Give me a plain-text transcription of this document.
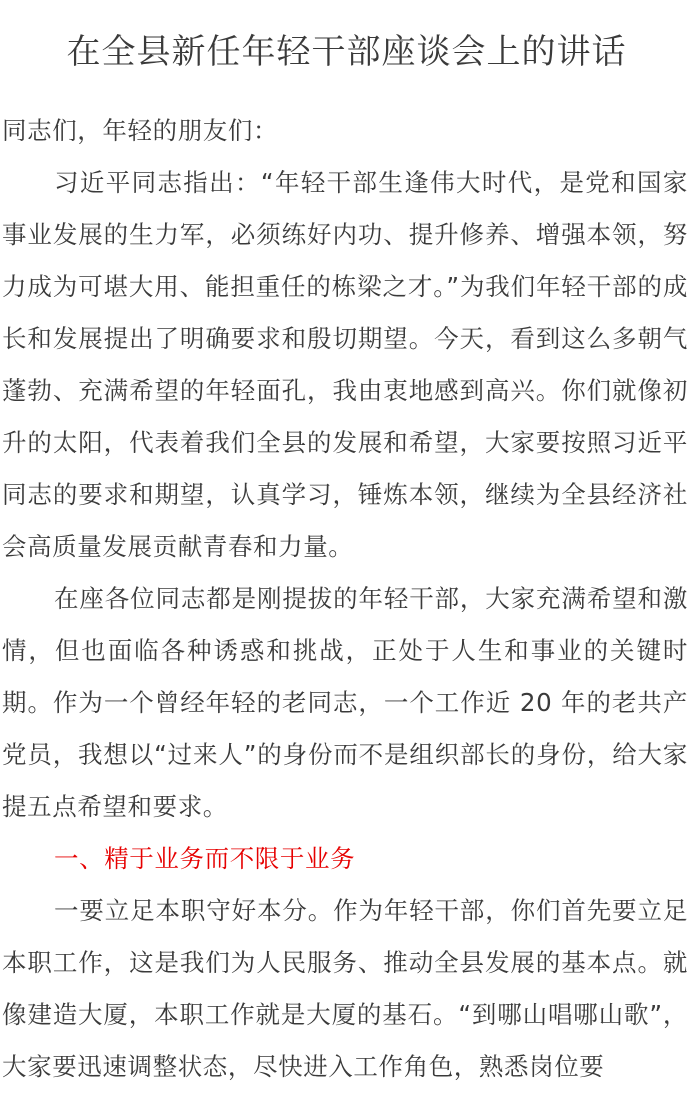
在全县新任年轻干部座谈会上的讲话

同志们，年轻的朋友们：

习近平同志指出：“年轻干部生逢伟大时代，是党和国家事业发展的生力军，必须练好内功、提升修养、增强本领，努力成为可堪大用、能担重任的栋梁之才。”为我们年轻干部的成长和发展提出了明确要求和殷切期望。今天，看到这么多朝气蓬勃、充满希望的年轻面孔，我由衷地感到高兴。你们就像初升的太阳，代表着我们全县的发展和希望，大家要按照习近平同志的要求和期望，认真学习，锤炼本领，继续为全县经济社会高质量发展贡献青春和力量。

在座各位同志都是刚提拔的年轻干部，大家充满希望和激情，但也面临各种诱惑和挑战，正处于人生和事业的关键时期。作为一个曾经年轻的老同志，一个工作近 20 年的老共产党员，我想以“过来人”的身份而不是组织部长的身份，给大家提五点希望和要求。

一、精于业务而不限于业务

一要立足本职守好本分。作为年轻干部，你们首先要立足本职工作，这是我们为人民服务、推动全县发展的基本点。就像建造大厦，本职工作就是大厦的基石。“到哪山唱哪山歌”，大家要迅速调整状态，尽快进入工作角色，熟悉岗位要
